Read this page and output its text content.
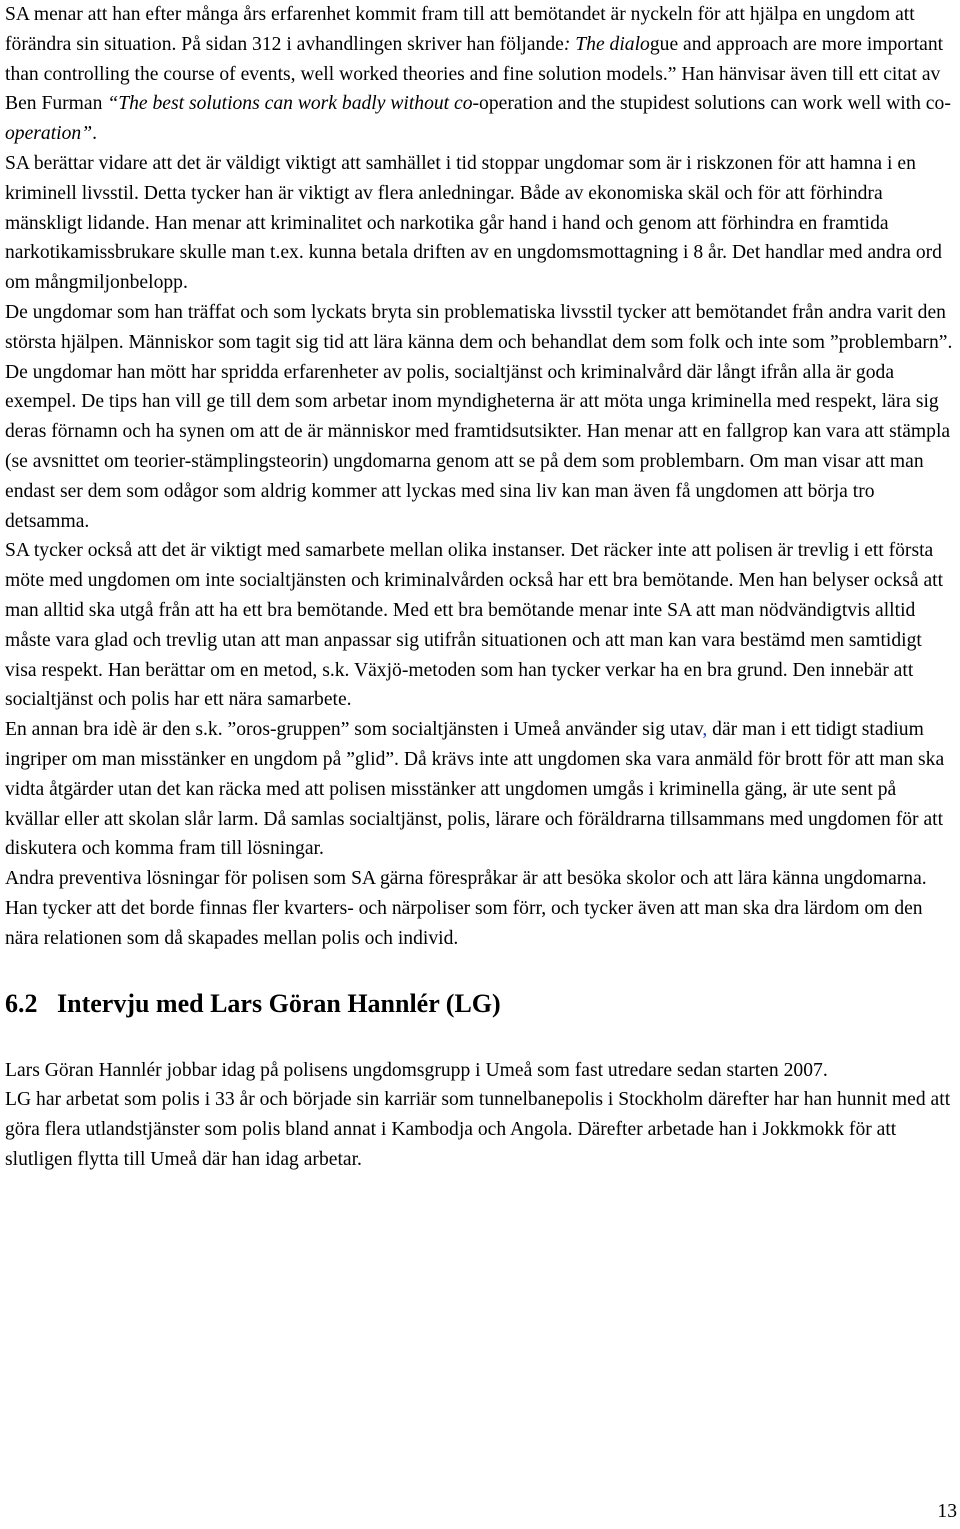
SA menar att han efter många års erfarenhet kommit fram till att bemötandet är nyckeln för att hjälpa en ungdom att förändra sin situation. På sidan 312 i avhandlingen skriver han följande: The dialogue and approach are more important than controlling the course of events, well worked theories and fine solution models.” Han hänvisar även till ett citat av Ben Furman “The best solutions can work badly without co-operation and the stupidest solutions can work well with co-operation”.

SA berättar vidare att det är väldigt viktigt att samhället i tid stoppar ungdomar som är i riskzonen för att hamna i en kriminell livsstil. Detta tycker han är viktigt av flera anledningar. Både av ekonomiska skäl och för att förhindra mänskligt lidande. Han menar att kriminalitet och narkotika går hand i hand och genom att förhindra en framtida narkotikamissbrukare skulle man t.ex. kunna betala driften av en ungdomsmottagning i 8 år. Det handlar med andra ord om mångmiljonbelopp.

De ungdomar som han träffat och som lyckats bryta sin problematiska livsstil tycker att bemötandet från andra varit den största hjälpen. Människor som tagit sig tid att lära känna dem och behandlat dem som folk och inte som ”problembarn”. De ungdomar han mött har spridda erfarenheter av polis, socialtjänst och kriminalvård där långt ifrån alla är goda exempel. De tips han vill ge till dem som arbetar inom myndigheterna är att möta unga kriminella med respekt, lära sig deras förnamn och ha synen om att de är människor med framtidsutsikter. Han menar att en fallgrop kan vara att stämpla (se avsnittet om teorier-stämplingsteorin) ungdomarna genom att se på dem som problembarn. Om man visar att man endast ser dem som odågor som aldrig kommer att lyckas med sina liv kan man även få ungdomen att börja tro detsamma.

SA tycker också att det är viktigt med samarbete mellan olika instanser. Det räcker inte att polisen är trevlig i ett första möte med ungdomen om inte socialtjänsten och kriminalvården också har ett bra bemötande. Men han belyser också att man alltid ska utgå från att ha ett bra bemötande. Med ett bra bemötande menar inte SA att man nödvändigtvis alltid måste vara glad och trevlig utan att man anpassar sig utifrån situationen och att man kan vara bestämd men samtidigt visa respekt. Han berättar om en metod, s.k. Växjö-metoden som han tycker verkar ha en bra grund. Den innebär att socialtjänst och polis har ett nära samarbete.

En annan bra idè är den s.k. ”oros-gruppen” som socialtjänsten i Umeå använder sig utav, där man i ett tidigt stadium ingriper om man misstänker en ungdom på ”glid”. Då krävs inte att ungdomen ska vara anmäld för brott för att man ska vidta åtgärder utan det kan räcka med att polisen misstänker att ungdomen umgås i kriminella gäng, är ute sent på kvällar eller att skolan slår larm. Då samlas socialtjänst, polis, lärare och föräldrarna tillsammans med ungdomen för att diskutera och komma fram till lösningar.

Andra preventiva lösningar för polisen som SA gärna förespråkar är att besöka skolor och att lära känna ungdomarna. Han tycker att det borde finnas fler kvarters- och närpoliser som förr, och tycker även att man ska dra lärdom om den nära relationen som då skapades mellan polis och individ.

6.2 Intervju med Lars Göran Hannlér (LG)

Lars Göran Hannlér jobbar idag på polisens ungdomsgrupp i Umeå som fast utredare sedan starten 2007.

LG har arbetat som polis i 33 år och började sin karriär som tunnelbanepolis i Stockholm därefter har han hunnit med att göra flera utlandstjänster som polis bland annat i Kambodja och Angola. Därefter arbetade han i Jokkmokk för att slutligen flytta till Umeå där han idag arbetar.

13
